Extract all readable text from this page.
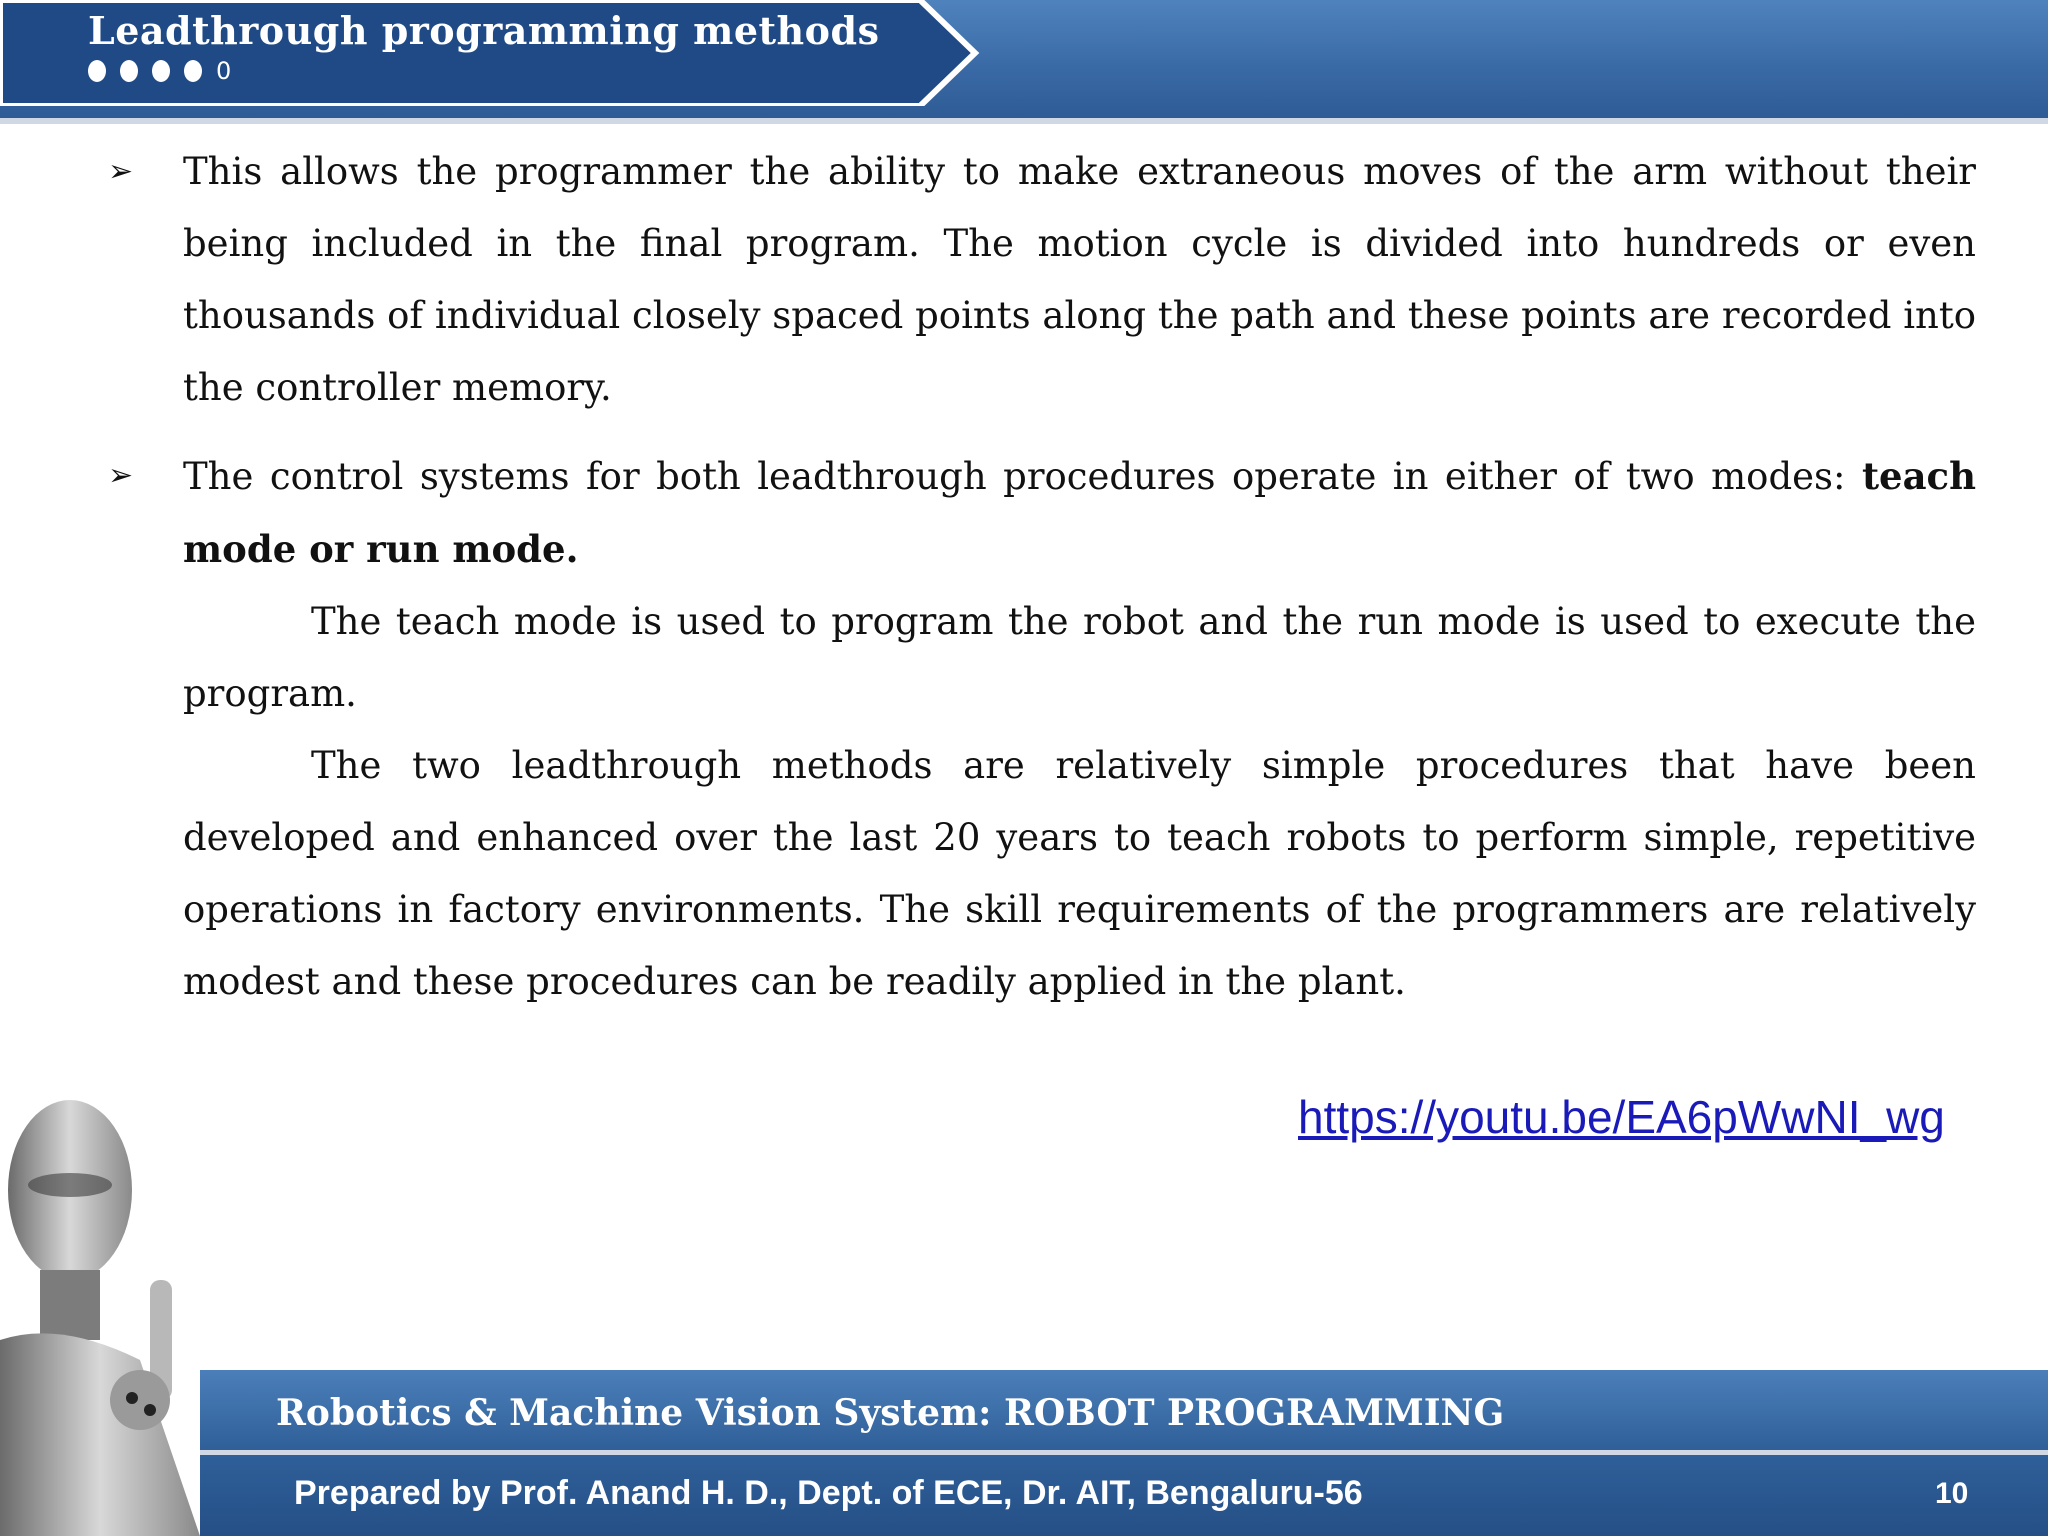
Leadthrough programming methods
0
➢	This allows the programmer the ability to make extraneous moves of the arm without their being included in the final program. The motion cycle is divided into hundreds or even thousands of individual closely spaced points along the path and these points are recorded into the controller memory.
➢	The control systems for both leadthrough procedures operate in either of two modes: teach mode or run mode.
The teach mode is used to program the robot and the run mode is used to execute the program.
The two leadthrough methods are relatively simple procedures that have been developed and enhanced over the last 20 years to teach robots to perform simple, repetitive operations in factory environments. The skill requirements of the programmers are relatively modest and these procedures can be readily applied in the plant.
https://youtu.be/EA6pWwNI_wg
Robotics & Machine Vision System: ROBOT PROGRAMMING
Prepared by Prof. Anand H. D., Dept. of ECE, Dr. AIT, Bengaluru-56	10
